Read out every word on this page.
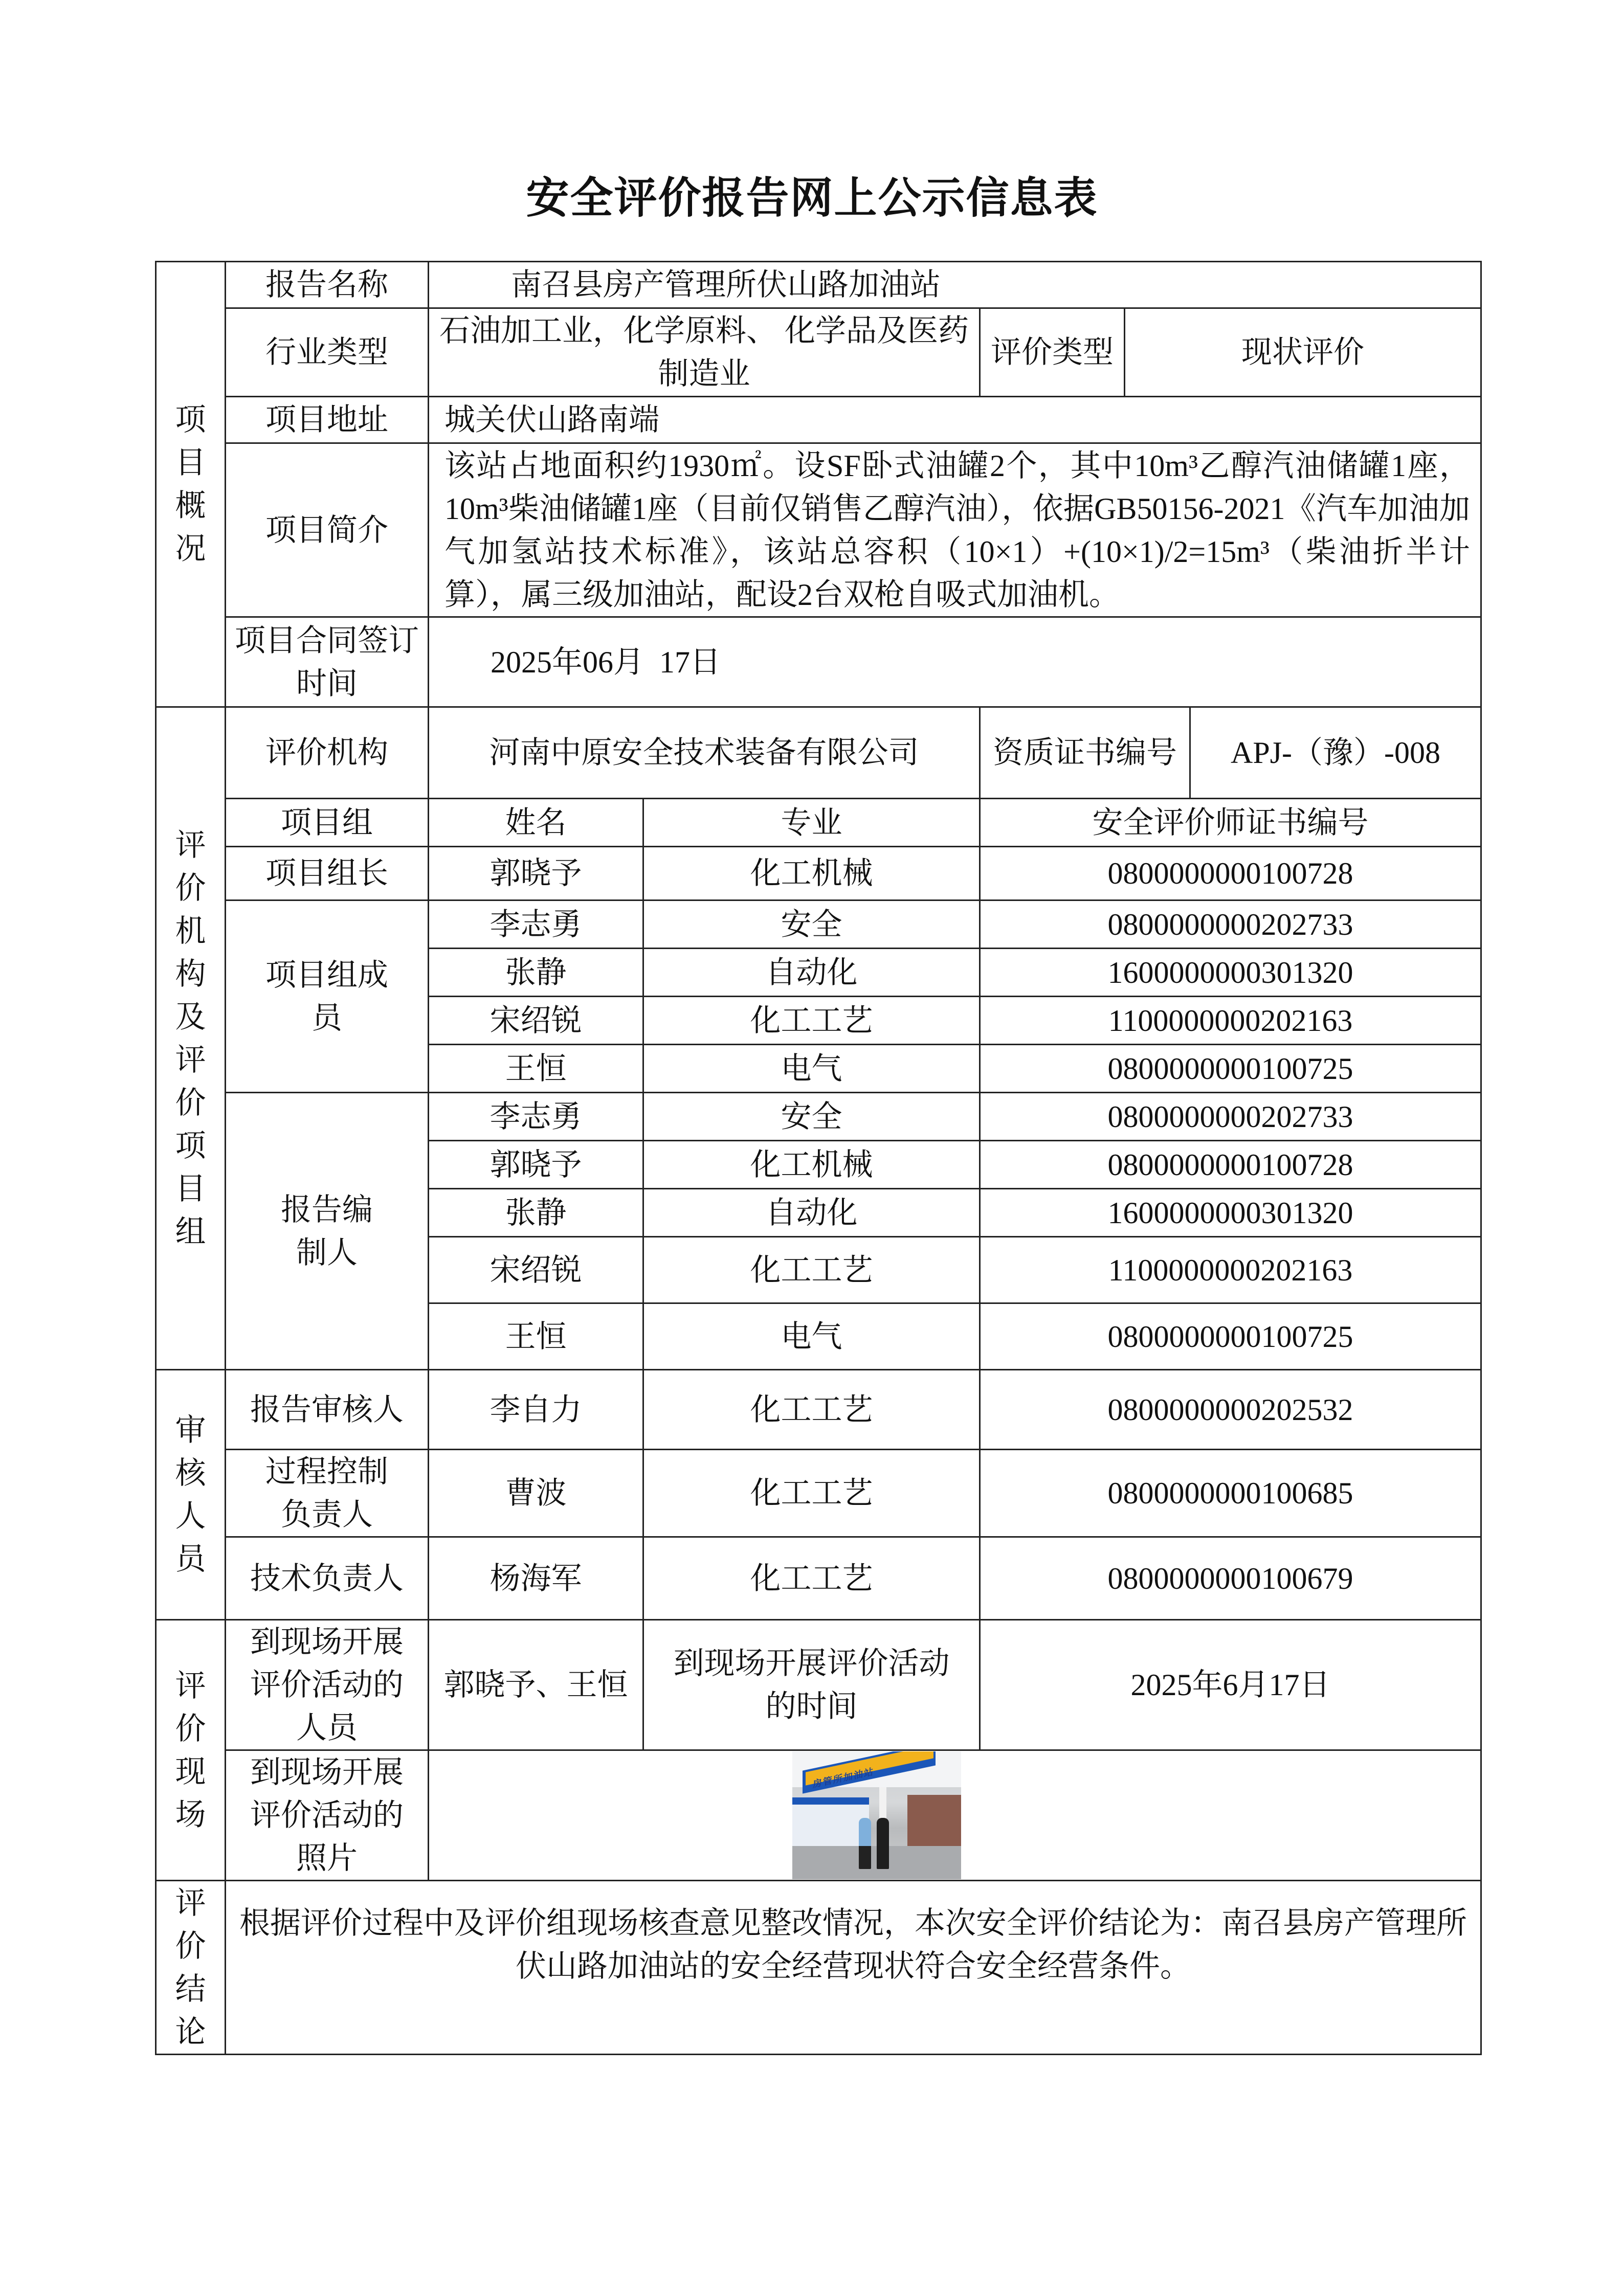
安全评价报告网上公示信息表
项目概况	报告名称	南召县房产管理所伏山路加油站				
	行业类型	石油加工业，化学原料、 化学品及医药制造业		评价类型	现状评价	
	项目地址	城关伏山路南端				
	项目简介	该站占地面积约1930㎡。设SF卧式油罐2个，其中10m³乙醇汽油储罐1座，10m³柴油储罐1座（目前仅销售乙醇汽油），依据GB50156-2021《汽车加油加气加氢站技术标准》，该站总容积（10×1）+(10×1)/2=15m³（柴油折半计算），属三级加油站，配设2台双枪自吸式加油机。				
	项目合同签订时间	2025年06月  17日				

评价机构及评价项目组	评价机构	河南中原安全技术装备有限公司		资质证书编号		APJ-（豫）-008
	项目组	姓名	专业	安全评价师证书编号		
	项目组长	郭晓予	化工机械	0800000000100728		
	项目组成员	李志勇	安全	0800000000202733		
		张静	自动化	1600000000301320		
		宋绍锐	化工工艺	1100000000202163		
		王恒	电气	0800000000100725		
	报告编制人	李志勇	安全	0800000000202733		
		郭晓予	化工机械	0800000000100728		
		张静	自动化	1600000000301320		
		宋绍锐	化工工艺	1100000000202163		
		王恒	电气	0800000000100725		

审核人员	报告审核人	李自力	化工工艺	0800000000202532		
	过程控制负责人	曹波	化工工艺	0800000000100685		
	技术负责人	杨海军	化工工艺	0800000000100679		

评价现场	到现场开展评价活动的人员	郭晓予、王恒	到现场开展评价活动的时间	2025年6月17日		
	到现场开展评价活动的照片	房管所加油站				

评价结论	根据评价过程中及评价组现场核查意见整改情况，本次安全评价结论为：南召县房产管理所伏山路加油站的安全经营现状符合安全经营条件。					
